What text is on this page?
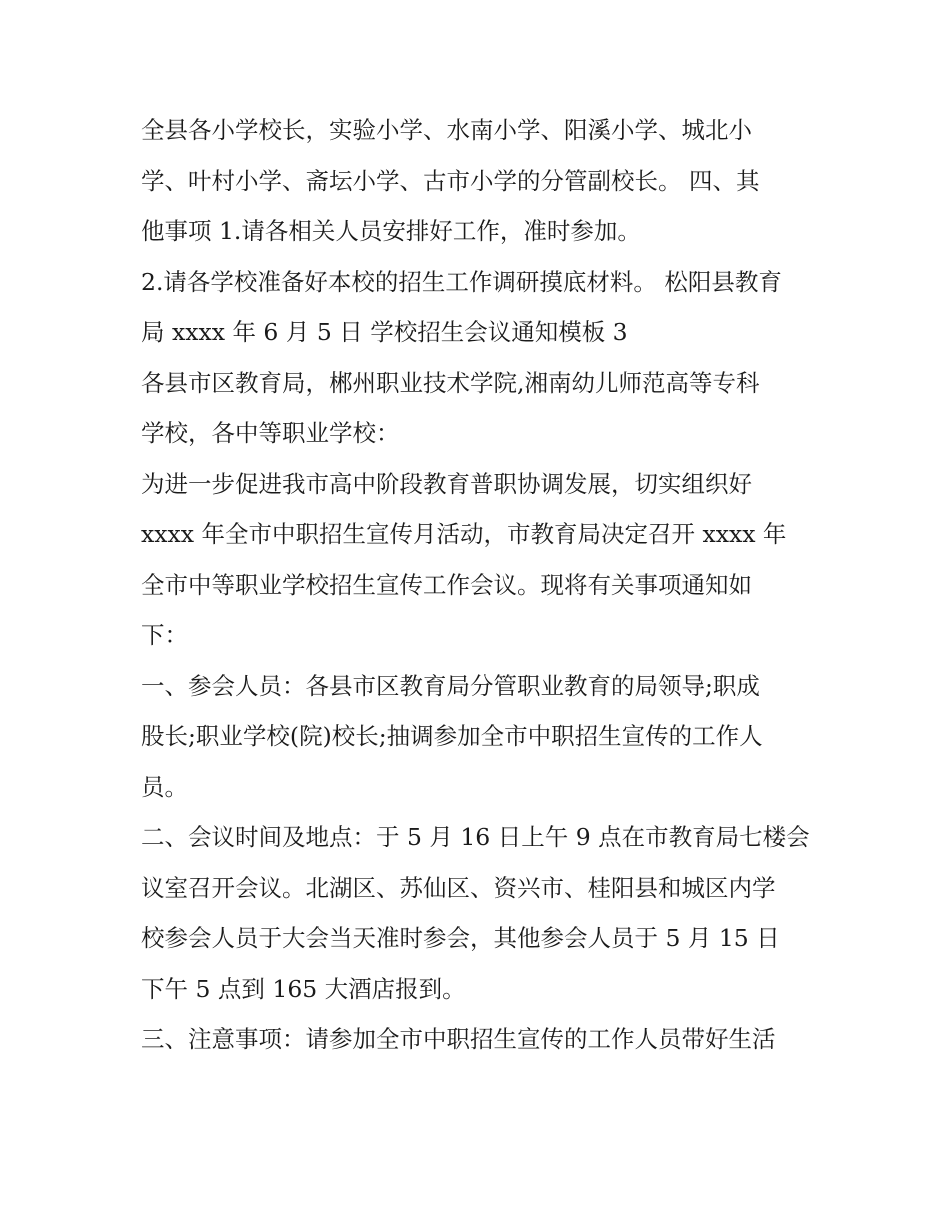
全县各小学校长，实验小学、水南小学、阳溪小学、城北小
学、叶村小学、斋坛小学、古市小学的分管副校长。 四、其
他事项 1.请各相关人员安排好工作，准时参加。
2.请各学校准备好本校的招生工作调研摸底材料。 松阳县教育
局 xxxx 年 6 月 5 日 学校招生会议通知模板 3
各县市区教育局，郴州职业技术学院,湘南幼儿师范高等专科
学校，各中等职业学校：
为进一步促进我市高中阶段教育普职协调发展，切实组织好
xxxx 年全市中职招生宣传月活动，市教育局决定召开 xxxx 年
全市中等职业学校招生宣传工作会议。现将有关事项通知如
下：
一、参会人员：各县市区教育局分管职业教育的局领导;职成
股长;职业学校(院)校长;抽调参加全市中职招生宣传的工作人
员。
二、会议时间及地点：于 5 月 16 日上午 9 点在市教育局七楼会
议室召开会议。北湖区、苏仙区、资兴市、桂阳县和城区内学
校参会人员于大会当天准时参会，其他参会人员于 5 月 15 日
下午 5 点到 165 大酒店报到。
三、注意事项：请参加全市中职招生宣传的工作人员带好生活
